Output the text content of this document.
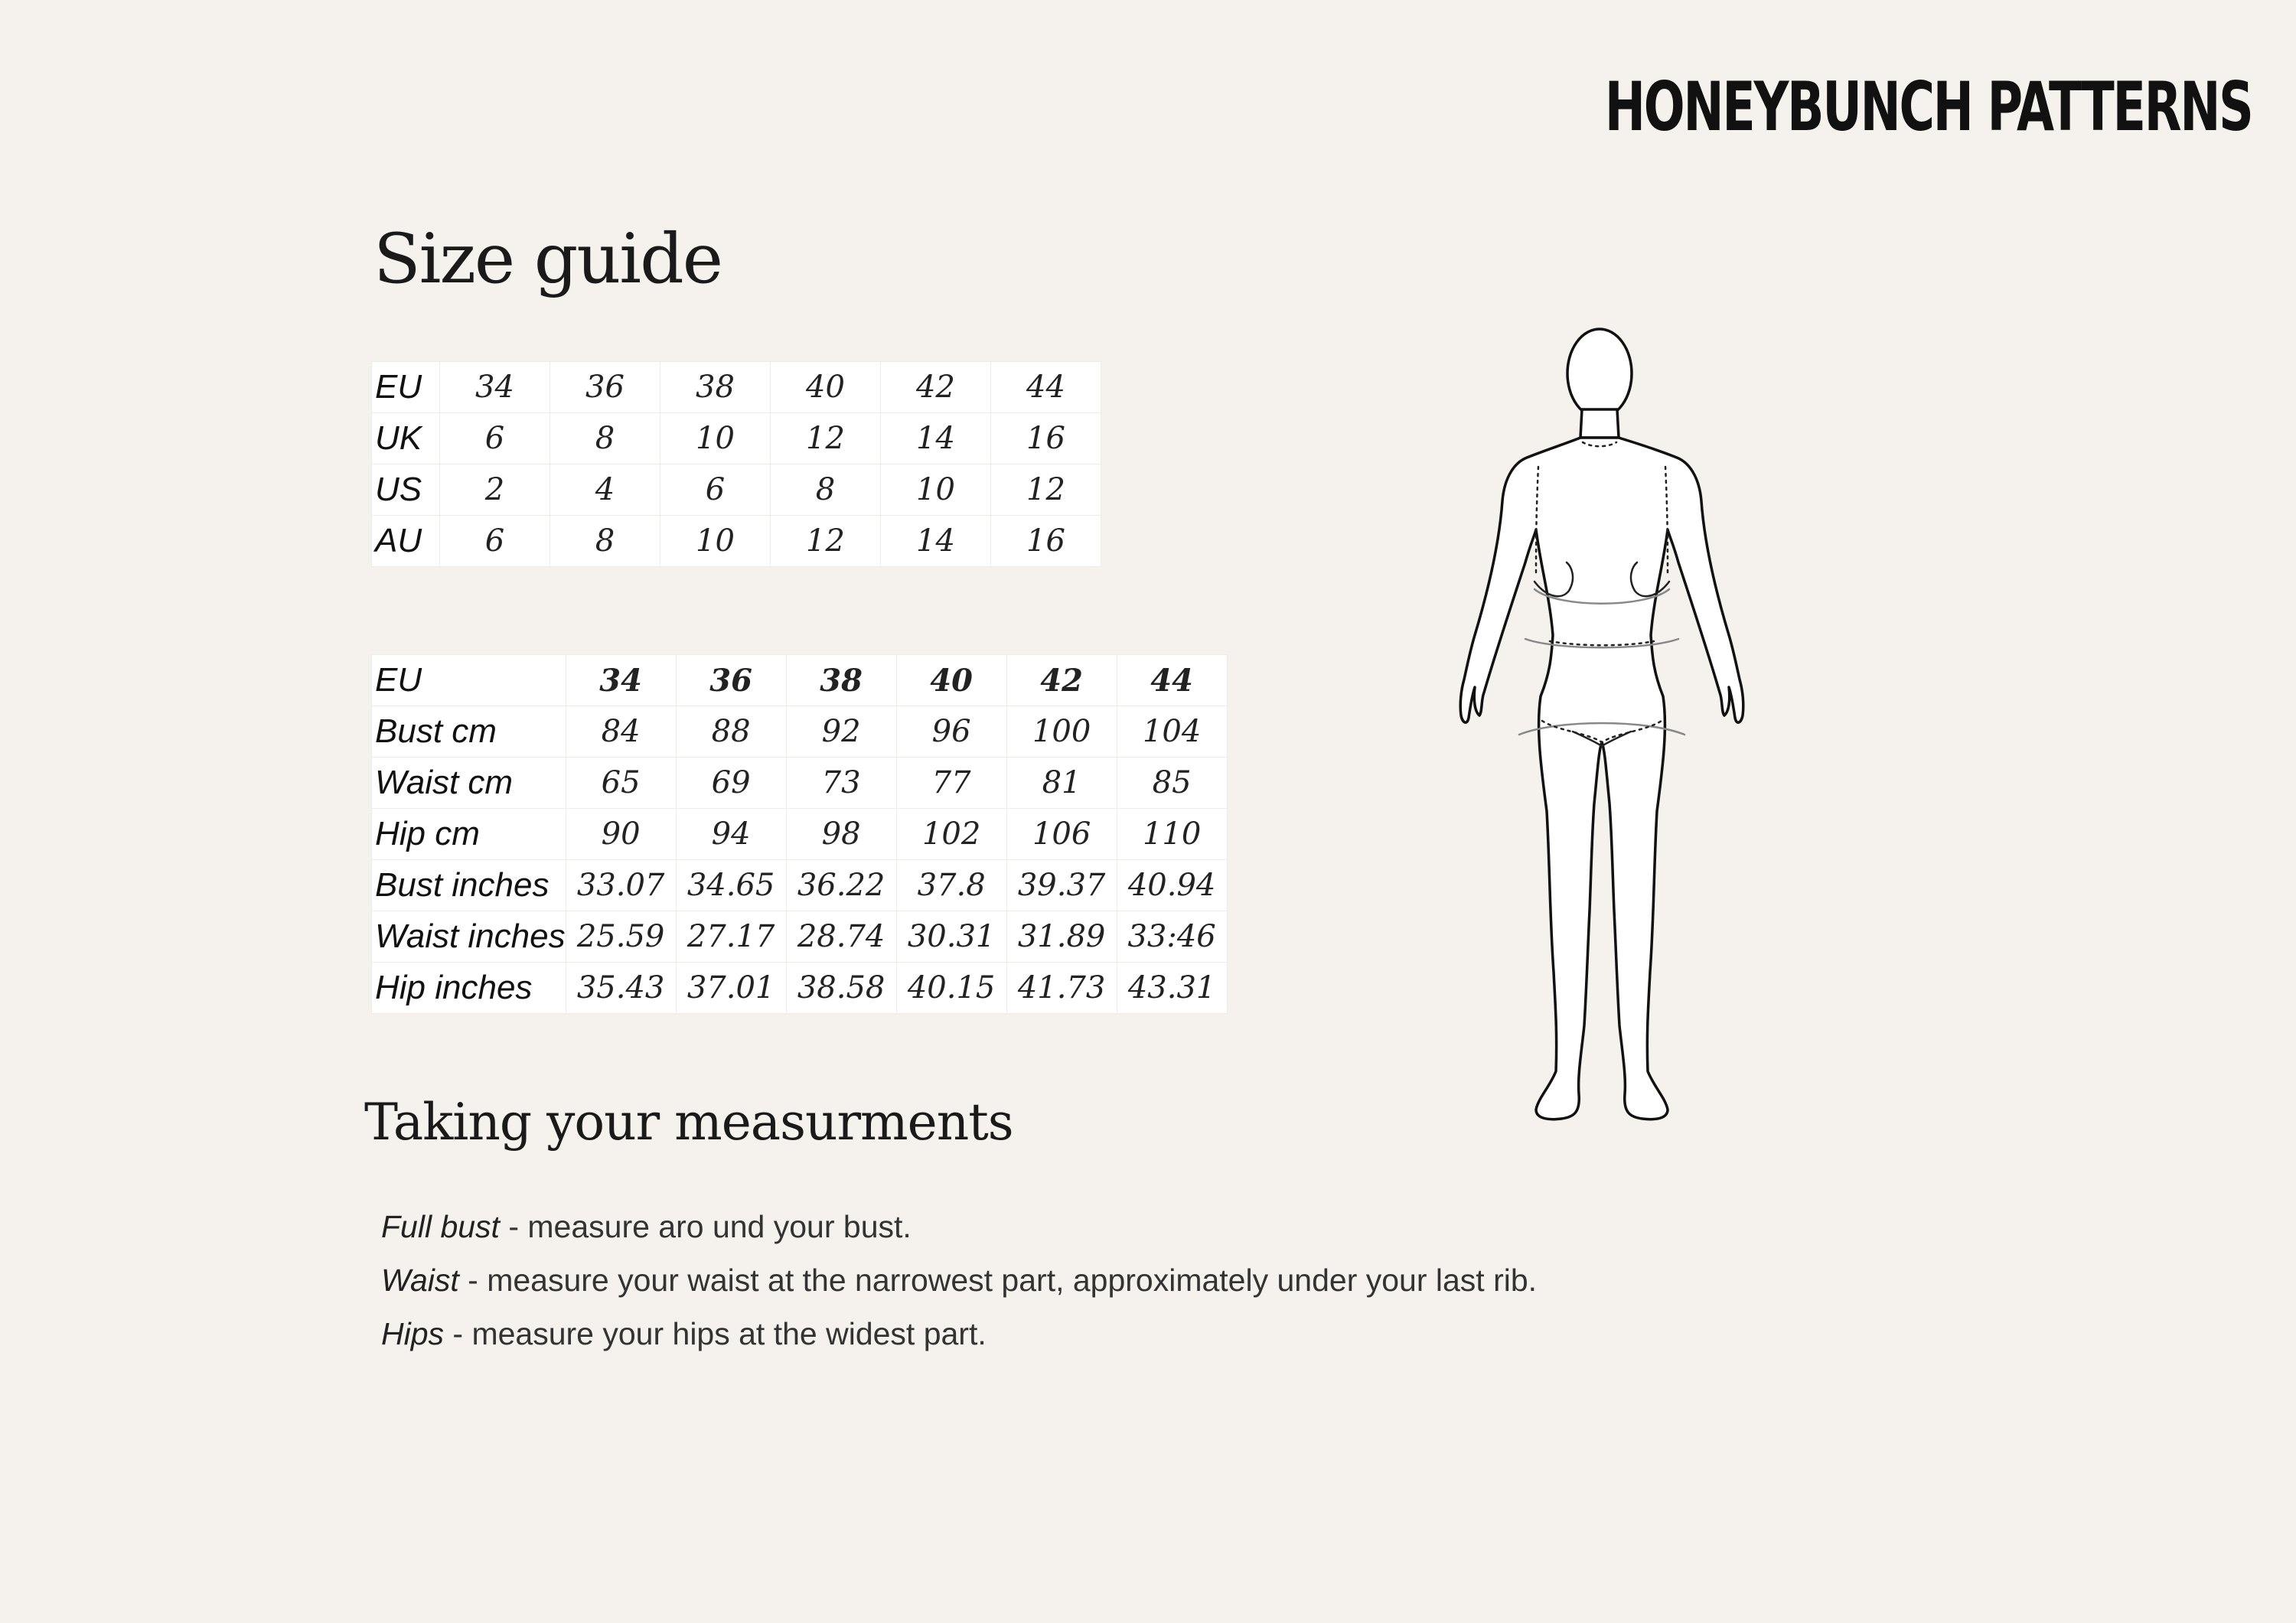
HONEYBUNCH PATTERNS
Size guide
EU	34	36	38	40	42	44
UK	6	8	10	12	14	16
US	2	4	6	8	10	12
AU	6	8	10	12	14	16
EU	34	36	38	40	42	44
Bust cm	84	88	92	96	100	104
Waist cm	65	69	73	77	81	85
Hip cm	90	94	98	102	106	110
Bust inches	33.07	34.65	36.22	37.8	39.37	40.94
Waist inches	25.59	27.17	28.74	30.31	31.89	33:46
Hip inches	35.43	37.01	38.58	40.15	41.73	43.31
Taking your measurments
Full bust - measure aro und your bust.
Waist - measure your waist at the narrowest part, approximately under your last rib.
Hips - measure your hips at the widest part.
